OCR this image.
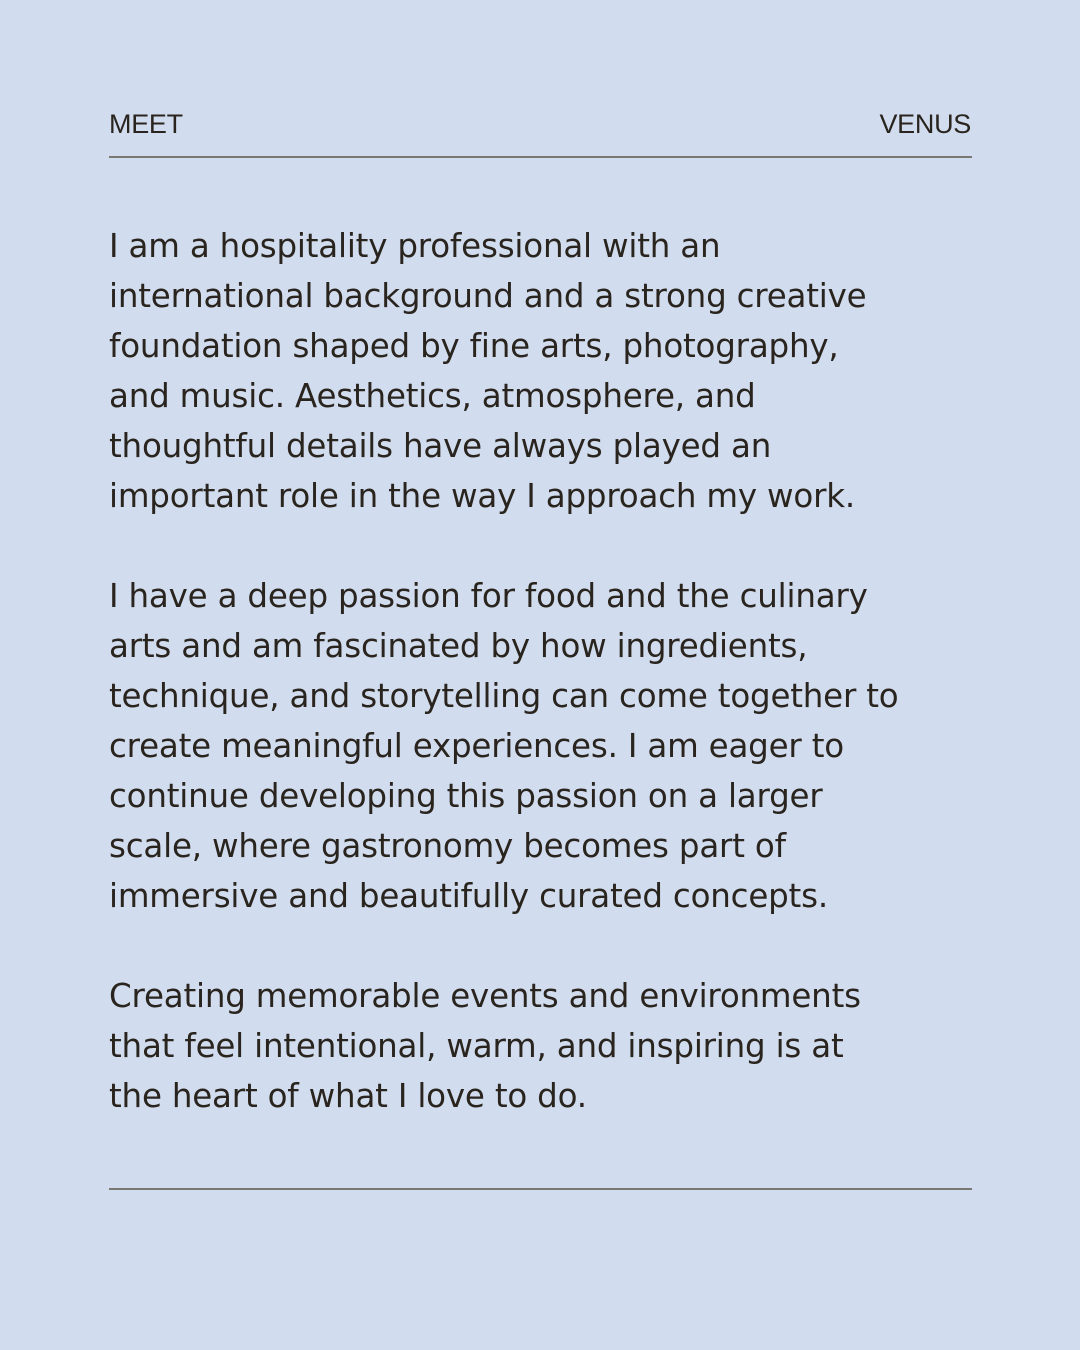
MEET	VENUS

I am a hospitality professional with an
international background and a strong creative
foundation shaped by fine arts, photography,
and music. Aesthetics, atmosphere, and
thoughtful details have always played an
important role in the way I approach my work.

I have a deep passion for food and the culinary
arts and am fascinated by how ingredients,
technique, and storytelling can come together to
create meaningful experiences. I am eager to
continue developing this passion on a larger
scale, where gastronomy becomes part of
immersive and beautifully curated concepts.

Creating memorable events and environments
that feel intentional, warm, and inspiring is at
the heart of what I love to do.
